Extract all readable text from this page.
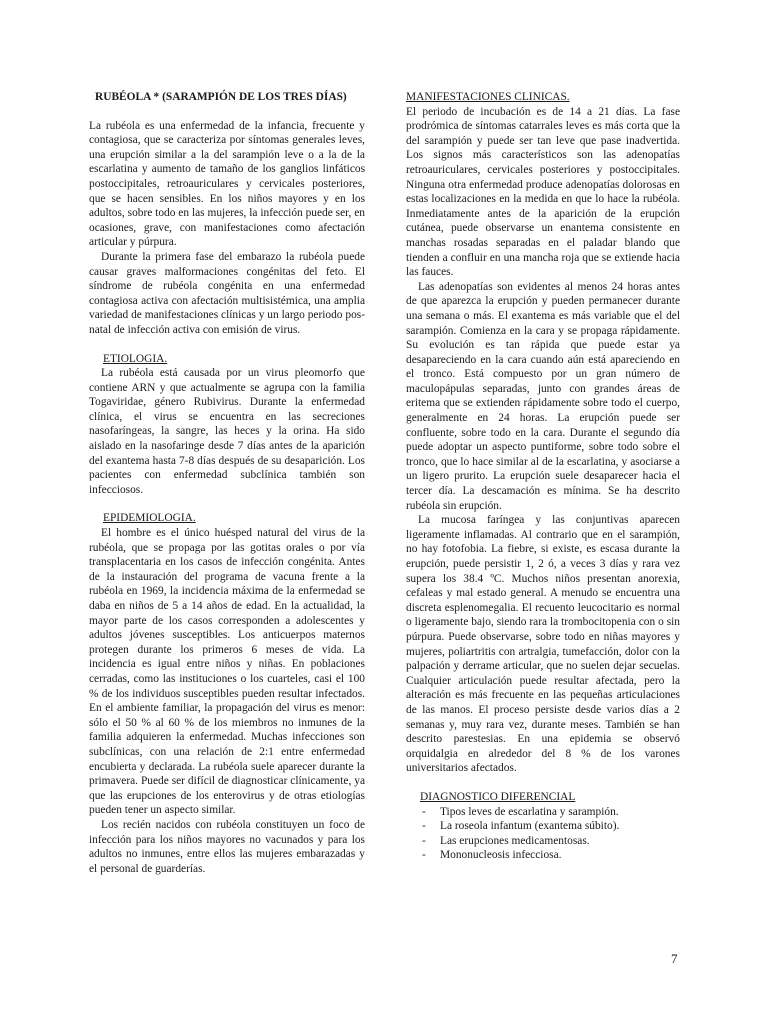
RUBÉOLA * (SARAMPIÓN DE LOS TRES DÍAS)

La rubéola es una enfermedad de la infancia, frecuente y contagiosa, que se caracteriza por síntomas generales leves, una erupción similar a la del sarampión leve o a la de la escarlatina y aumento de tamaño de los ganglios linfáticos postoccipitales, retroauriculares y cervicales posteriores, que se hacen sensibles. En los niños mayores y en los adultos, sobre todo en las mujeres, la infección puede ser, en ocasiones, grave, con manifestaciones como afectación articular y púrpura.

Durante la primera fase del embarazo la rubéola puede causar graves malformaciones congénitas del feto. El síndrome de rubéola congénita en una enfermedad contagiosa activa con afectación multisistémica, una amplia variedad de manifestaciones clínicas y un largo periodo pos-natal de infección activa con emisión de virus.

ETIOLOGIA.

La rubéola está causada por un virus pleomorfo que contiene ARN y que actualmente se agrupa con la familia Togaviridae, género Rubivirus. Durante la enfermedad clínica, el virus se encuentra en las secreciones nasofaríngeas, la sangre, las heces y la orina. Ha sido aislado en la nasofaringe desde 7 días antes de la aparición del exantema hasta 7-8 días después de su desaparición. Los pacientes con enfermedad subclínica también son infecciosos.

EPIDEMIOLOGIA.

El hombre es el único huésped natural del virus de la rubéola, que se propaga por las gotitas orales o por vía transplacentaria en los casos de infección congénita. Antes de la instauración del programa de vacuna frente a la rubéola en 1969, la incidencia máxima de la enfermedad se daba en niños de 5 a 14 años de edad. En la actualidad, la mayor parte de los casos corresponden a adolescentes y adultos jóvenes susceptibles. Los anticuerpos maternos protegen durante los primeros 6 meses de vida. La incidencia es igual entre niños y niñas. En poblaciones cerradas, como las instituciones o los cuarteles, casi el 100 % de los individuos susceptibles pueden resultar infectados. En el ambiente familiar, la propagación del virus es menor: sólo el 50 % al 60 % de los miembros no inmunes de la familia adquieren la enfermedad. Muchas infecciones son subclínicas, con una relación de 2:1 entre enfermedad encubierta y declarada. La rubéola suele aparecer durante la primavera. Puede ser difícil de diagnosticar clínicamente, ya que las erupciones de los enterovirus y de otras etiologías pueden tener un aspecto similar.

Los recién nacidos con rubéola constituyen un foco de infección para los niños mayores no vacunados y para los adultos no inmunes, entre ellos las mujeres embarazadas y el personal de guarderías.

MANIFESTACIONES CLINICAS.

El periodo de incubación es de 14 a 21 días. La fase prodrómica de síntomas catarrales leves es más corta que la del sarampión y puede ser tan leve que pase inadvertida. Los signos más característicos son las adenopatías retroauriculares, cervicales posteriores y postoccipitales. Ninguna otra enfermedad produce adenopatías dolorosas en estas localizaciones en la medida en que lo hace la rubéola. Inmediatamente antes de la aparición de la erupción cutánea, puede observarse un enantema consistente en manchas rosadas separadas en el paladar blando que tienden a confluir en una mancha roja que se extiende hacia las fauces.

Las adenopatías son evidentes al menos 24 horas antes de que aparezca la erupción y pueden permanecer durante una semana o más. El exantema es más variable que el del sarampión. Comienza en la cara y se propaga rápidamente. Su evolución es tan rápida que puede estar ya desapareciendo en la cara cuando aún está apareciendo en el tronco. Está compuesto por un gran número de maculopápulas separadas, junto con grandes áreas de eritema que se extienden rápidamente sobre todo el cuerpo, generalmente en 24 horas. La erupción puede ser confluente, sobre todo en la cara. Durante el segundo día puede adoptar un aspecto puntiforme, sobre todo sobre el tronco, que lo hace similar al de la escarlatina, y asociarse a un ligero prurito. La erupción suele desaparecer hacia el tercer día. La descamación es mínima. Se ha descrito rubéola sin erupción.

La mucosa faríngea y las conjuntivas aparecen ligeramente inflamadas. Al contrario que en el sarampión, no hay fotofobia. La fiebre, si existe, es escasa durante la erupción, puede persistir 1, 2 ó, a veces 3 días y rara vez supera los 38.4 ºC. Muchos niños presentan anorexia, cefaleas y mal estado general. A menudo se encuentra una discreta esplenomegalia. El recuento leucocitario es normal o ligeramente bajo, siendo rara la trombocitopenia con o sin púrpura. Puede observarse, sobre todo en niñas mayores y mujeres, poliartritis con artralgia, tumefacción, dolor con la palpación y derrame articular, que no suelen dejar secuelas. Cualquier articulación puede resultar afectada, pero la alteración es más frecuente en las pequeñas articulaciones de las manos. El proceso persiste desde varios días a 2 semanas y, muy rara vez, durante meses. También se han descrito parestesias. En una epidemia se observó orquidalgia en alrededor del 8 % de los varones universitarios afectados.

DIAGNOSTICO DIFERENCIAL

- Tipos leves de escarlatina y sarampión.
- La roseola infantum (exantema súbito).
- Las erupciones medicamentosas.
- Mononucleosis infecciosa.
7
